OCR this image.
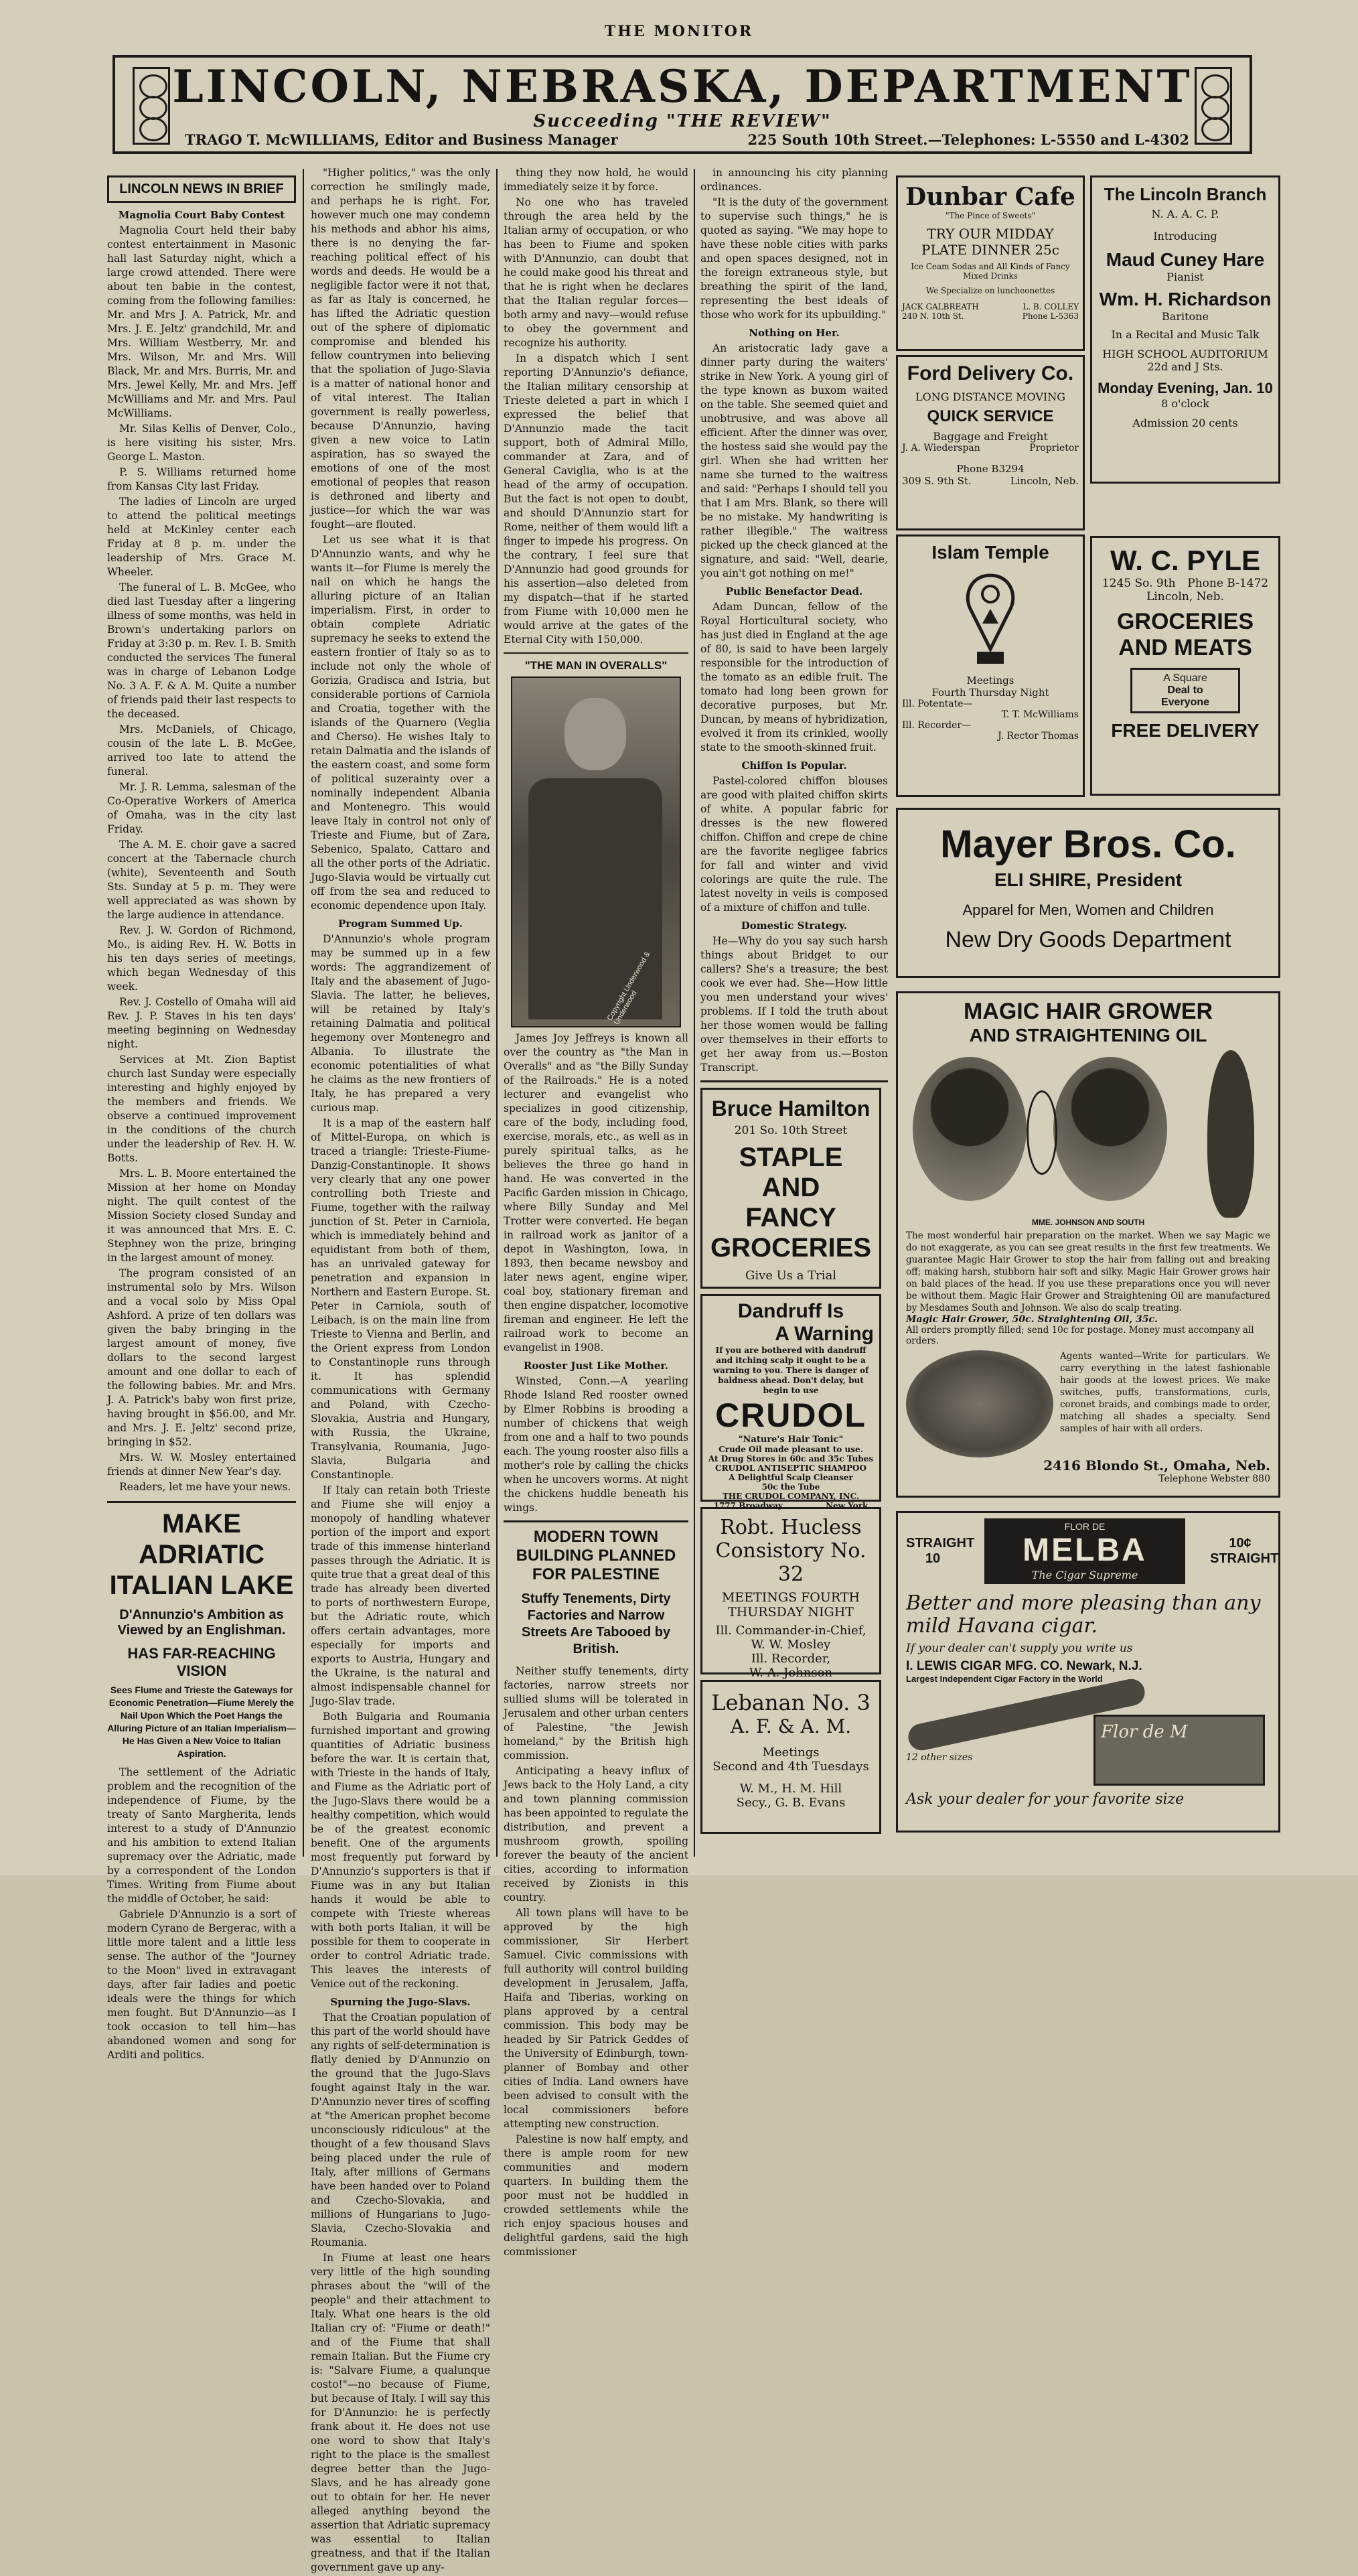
THE MONITOR
LINCOLN, NEBRASKA, DEPARTMENT
Succeeding "THE REVIEW"
TRAGO T. McWILLIAMS, Editor and Business Manager	225 South 10th Street.—Telephones: L-5550 and L-4302
LINCOLN NEWS IN BRIEF
Magnolia Court Baby Contest

Magnolia Court held their baby contest entertainment in Masonic hall last Saturday night, which a large crowd attended. There were about ten babie in the contest, coming from the following families: Mr. and Mrs J. A. Patrick, Mr. and Mrs. J. E. Jeltz' grandchild, Mr. and Mrs. William Westberry, Mr. and Mrs. Wilson, Mr. and Mrs. Will Black, Mr. and Mrs. Burris, Mr. and Mrs. Jewel Kelly, Mr. and Mrs. Jeff McWilliams and Mr. and Mrs. Paul McWilliams.

Mr. Silas Kellis of Denver, Colo., is here visiting his sister, Mrs. George L. Maston.

P. S. Williams returned home from Kansas City last Friday.

The ladies of Lincoln are urged to attend the political meetings held at McKinley center each Friday at 8 p. m. under the leadership of Mrs. Grace M. Wheeler.

The funeral of L. B. McGee, who died last Tuesday after a lingering illness of some months, was held in Brown's undertaking parlors on Friday at 3:30 p. m. Rev. I. B. Smith conducted the services The funeral was in charge of Lebanon Lodge No. 3 A. F. & A. M. Quite a number of friends paid their last respects to the deceased.

Mrs. McDaniels, of Chicago, cousin of the late L. B. McGee, arrived too late to attend the funeral.

Mr. J. R. Lemma, salesman of the Co-Operative Workers of America of Omaha, was in the city last Friday.

The A. M. E. choir gave a sacred concert at the Tabernacle church (white), Seventeenth and South Sts. Sunday at 5 p. m. They were well appreciated as was shown by the large audience in attendance.

Rev. J. W. Gordon of Richmond, Mo., is aiding Rev. H. W. Botts in his ten days series of meetings, which began Wednesday of this week.

Rev. J. Costello of Omaha will aid Rev. J. P. Staves in his ten days' meeting beginning on Wednesday night.

Services at Mt. Zion Baptist church last Sunday were especially interesting and highly enjoyed by the members and friends. We observe a continued improvement in the conditions of the church under the leadership of Rev. H. W. Botts.

Mrs. L. B. Moore entertained the Mission at her home on Monday night. The quilt contest of the Mission Society closed Sunday and it was announced that Mrs. E. C. Stephney won the prize, bringing in the largest amount of money.

The program consisted of an instrumental solo by Mrs. Wilson and a vocal solo by Miss Opal Ashford. A prize of ten dollars was given the baby bringing in the largest amount of money, five dollars to the second largest amount and one dollar to each of the following babies. Mr. and Mrs. J. A. Patrick's baby won first prize, having brought in $56.00, and Mr. and Mrs. J. E. Jeltz' second prize, bringing in $52.

Mrs. W. W. Mosley entertained friends at dinner New Year's day.

Readers, let me have your news.

MAKE ADRIATIC ITALIAN LAKE
D'Annunzio's Ambition as Viewed by an Englishman.
HAS FAR-REACHING VISION
Sees Flume and Trieste the Gateways for Economic Penetration—Fiume Merely the Nail Upon Which the Poet Hangs the Alluring Picture of an Italian Imperialism—He Has Given a New Voice to Italian Aspiration.

The settlement of the Adriatic problem and the recognition of the independence of Fiume, by the treaty of Santo Margherita, lends interest to a study of D'Annunzio and his ambition to extend Italian supremacy over the Adriatic, made by a correspondent of the London Times. Writing from Fiume about the middle of October, he said:

Gabriele D'Annunzio is a sort of modern Cyrano de Bergerac, with a little more talent and a little less sense. The author of the "Journey to the Moon" lived in extravagant days, after fair ladies and poetic ideals were the things for which men fought. But D'Annunzio—as I took occasion to tell him—has abandoned women and song for Arditi and politics.

"Higher politics," was the only correction he smilingly made, and perhaps he is right. For, however much one may condemn his methods and abhor his aims, there is no denying the far-reaching political effect of his words and deeds. He would be a negligible factor were it not that, as far as Italy is concerned, he has lifted the Adriatic question out of the sphere of diplomatic compromise and blended his fellow countrymen into believing that the spoliation of Jugo-Slavia is a matter of national honor and of vital interest. The Italian government is really powerless, because D'Annunzio, having given a new voice to Latin aspiration, has so swayed the emotions of one of the most emotional of peoples that reason is dethroned and liberty and justice—for which the war was fought—are flouted.

Let us see what it is that D'Annunzio wants, and why he wants it—for Fiume is merely the nail on which he hangs the alluring picture of an Italian imperialism. First, in order to obtain complete Adriatic supremacy he seeks to extend the eastern frontier of Italy so as to include not only the whole of Gorizia, Gradisca and Istria, but considerable portions of Carniola and Croatia, together with the islands of the Quarnero (Veglia and Cherso). He wishes Italy to retain Dalmatia and the islands of the eastern coast, and some form of political suzerainty over a nominally independent Albania and Montenegro. This would leave Italy in control not only of Trieste and Fiume, but of Zara, Sebenico, Spalato, Cattaro and all the other ports of the Adriatic. Jugo-Slavia would be virtually cut off from the sea and reduced to economic dependence upon Italy.

Program Summed Up.

D'Annunzio's whole program may be summed up in a few words: The aggrandizement of Italy and the abasement of Jugo-Slavia. The latter, he believes, will be retained by Italy's retaining Dalmatia and political hegemony over Montenegro and Albania. To illustrate the economic potentialities of what he claims as the new frontiers of Italy, he has prepared a very curious map.

It is a map of the eastern half of Mittel-Europa, on which is traced a triangle: Trieste-Fiume-Danzig-Constantinople. It shows very clearly that any one power controlling both Trieste and Fiume, together with the railway junction of St. Peter in Carniola, which is immediately behind and equidistant from both of them, has an unrivaled gateway for penetration and expansion in Northern and Eastern Europe. St. Peter in Carniola, south of Leibach, is on the main line from Trieste to Vienna and Berlin, and the Orient express from London to Constantinople runs through it. It has splendid communications with Germany and Poland, with Czecho-Slovakia, Austria and Hungary, with Russia, the Ukraine, Transylvania, Roumania, Jugo-Slavia, Bulgaria and Constantinople.

If Italy can retain both Trieste and Fiume she will enjoy a monopoly of handling whatever portion of the import and export trade of this immense hinterland passes through the Adriatic. It is quite true that a great deal of this trade has already been diverted to ports of northwestern Europe, but the Adriatic route, which offers certain advantages, more especially for imports and exports to Austria, Hungary and the Ukraine, is the natural and almost indispensable channel for Jugo-Slav trade.

Both Bulgaria and Roumania furnished important and growing quantities of Adriatic business before the war. It is certain that, with Trieste in the hands of Italy, and Fiume as the Adriatic port of the Jugo-Slavs there would be a healthy competition, which would be of the greatest economic benefit. One of the arguments most frequently put forward by D'Annunzio's supporters is that if Fiume was in any but Italian hands it would be able to compete with Trieste whereas with both ports Italian, it will be possible for them to cooperate in order to control Adriatic trade. This leaves the interests of Venice out of the reckoning.

Spurning the Jugo-Slavs.

That the Croatian population of this part of the world should have any rights of self-determination is flatly denied by D'Annunzio on the ground that the Jugo-Slavs fought against Italy in the war. D'Annunzio never tires of scoffing at "the American prophet become unconsciously ridiculous" at the thought of a few thousand Slavs being placed under the rule of Italy, after millions of Germans have been handed over to Poland and Czecho-Slovakia, and millions of Hungarians to Jugo-Slavia, Czecho-Slovakia and Roumania.

In Fiume at least one hears very little of the high sounding phrases about the "will of the people" and their attachment to Italy. What one hears is the old Italian cry of: "Fiume or death!" and of the Fiume that shall remain Italian. But the Fiume cry is: "Salvare Fiume, a qualunque costo!"—no because of Fiume, but because of Italy. I will say this for D'Annunzio: he is perfectly frank about it. He does not use one word to show that Italy's right to the place is the smallest degree better than the Jugo-Slavs, and he has already gone out to obtain for her. He never alleged anything beyond the assertion that Adriatic supremacy was essential to Italian greatness, and that if the Italian government gave up any-

thing they now hold, he would immediately seize it by force.

No one who has traveled through the area held by the Italian army of occupation, or who has been to Fiume and spoken with D'Annunzio, can doubt that he could make good his threat and that he is right when he declares that the Italian regular forces—both army and navy—would refuse to obey the government and recognize his authority.

In a dispatch which I sent reporting D'Annunzio's defiance, the Italian military censorship at Trieste deleted a part in which I expressed the belief that D'Annunzio made the tacit support, both of Admiral Millo, commander at Zara, and of General Caviglia, who is at the head of the army of occupation. But the fact is not open to doubt, and should D'Annunzio start for Rome, neither of them would lift a finger to impede his progress. On the contrary, I feel sure that D'Annunzio had good grounds for his assertion—also deleted from my dispatch—that if he started from Fiume with 10,000 men he would arrive at the gates of the Eternal City with 150,000.

"THE MAN IN OVERALLS"
Copyright Underwood & Underwood

James Joy Jeffreys is known all over the country as "the Man in Overalls" and as "the Billy Sunday of the Railroads." He is a noted lecturer and evangelist who specializes in good citizenship, care of the body, including food, exercise, morals, etc., as well as in purely spiritual talks, as he believes the three go hand in hand. He was converted in the Pacific Garden mission in Chicago, where Billy Sunday and Mel Trotter were converted. He began in railroad work as janitor of a depot in Washington, Iowa, in 1893, then became newsboy and later news agent, engine wiper, coal boy, stationary fireman and then engine dispatcher, locomotive fireman and engineer. He left the railroad work to become an evangelist in 1908.

Rooster Just Like Mother.

Winsted, Conn.—A yearling Rhode Island Red rooster owned by Elmer Robbins is brooding a number of chickens that weigh from one and a half to two pounds each. The young rooster also fills a mother's role by calling the chicks when he uncovers worms. At night the chickens huddle beneath his wings.

MODERN TOWN BUILDING PLANNED FOR PALESTINE
Stuffy Tenements, Dirty Factories and Narrow Streets Are Tabooed by British.

Neither stuffy tenements, dirty factories, narrow streets nor sullied slums will be tolerated in Jerusalem and other urban centers of Palestine, "the Jewish homeland," by the British high commission.

Anticipating a heavy influx of Jews back to the Holy Land, a city and town planning commission has been appointed to regulate the distribution, and prevent a mushroom growth, spoiling forever the beauty of the ancient cities, according to information received by Zionists in this country.

All town plans will have to be approved by the high commissioner, Sir Herbert Samuel. Civic commissions with full authority will control building development in Jerusalem, Jaffa, Haifa and Tiberias, working on plans approved by a central commission. This body may be headed by Sir Patrick Geddes of the University of Edinburgh, town-planner of Bombay and other cities of India. Land owners have been advised to consult with the local commissioners before attempting new construction.

Palestine is now half empty, and there is ample room for new communities and modern quarters. In building them the poor must not be huddled in crowded settlements while the rich enjoy spacious houses and delightful gardens, said the high commissioner

in announcing his city planning ordinances.

"It is the duty of the government to supervise such things," he is quoted as saying. "We may hope to have these noble cities with parks and open spaces designed, not in the foreign extraneous style, but breathing the spirit of the land, representing the best ideals of those who work for its upbuilding."

Nothing on Her.

An aristocratic lady gave a dinner party during the waiters' strike in New York. A young girl of the type known as buxom waited on the table. She seemed quiet and unobtrusive, and was above all efficient. After the dinner was over, the hostess said she would pay the girl. When she had written her name she turned to the waitress and said: "Perhaps I should tell you that I am Mrs. Blank, so there will be no mistake. My handwriting is rather illegible." The waitress picked up the check glanced at the signature, and said: "Well, dearie, you ain't got nothing on me!"

Public Benefactor Dead.

Adam Duncan, fellow of the Royal Horticultural society, who has just died in England at the age of 80, is said to have been largely responsible for the introduction of the tomato as an edible fruit. The tomato had long been grown for decorative purposes, but Mr. Duncan, by means of hybridization, evolved it from its crinkled, woolly state to the smooth-skinned fruit.

Chiffon Is Popular.

Pastel-colored chiffon blouses are good with plaited chiffon skirts of white. A popular fabric for dresses is the new flowered chiffon. Chiffon and crepe de chine are the favorite negligee fabrics for fall and winter and vivid colorings are quite the rule. The latest novelty in veils is composed of a mixture of chiffon and tulle.

Domestic Strategy.

He—Why do you say such harsh things about Bridget to our callers? She's a treasure; the best cook we ever had. She—How little you men understand your wives' problems. If I told the truth about her those women would be falling over themselves in their efforts to get her away from us.—Boston Transcript.

Bruce Hamilton
201 So. 10th Street
STAPLE AND
FANCY
GROCERIES
Give Us a Trial
Dandruff Is
A Warning
If you are bothered with dandruff and itching scalp it ought to be a warning to you. There is danger of baldness ahead. Don't delay, but begin to use
CRUDOL
"Nature's Hair Tonic"
Crude Oil made pleasant to use.
At Drug Stores in 60c and 35c Tubes
CRUDOL ANTISEPTIC SHAMPOO
A Delightful Scalp Cleanser
50c the Tube
THE CRUDOL COMPANY, INC.
1777 Broadway	New York
Robt. Hucless
Consistory No. 32
MEETINGS FOURTH
THURSDAY NIGHT
Ill. Commander-in-Chief,
W. W. Mosley
Ill. Recorder,
W. A. Johnson
Lebanan No. 3
A. F. & A. M.
Meetings
Second and 4th Tuesdays
W. M., H. M. Hill
Secy., G. B. Evans
Dunbar Cafe
"The Pince of Sweets"
TRY OUR MIDDAY
PLATE DINNER 25c
Ice Ceam Sodas and All Kinds of Fancy Mixed Drinks
We Specialize on luncheonettes
JACK GALBREATH	L. B. COLLEY
240 N. 10th St.	Phone L-5363
Ford Delivery Co.
LONG DISTANCE MOVING
QUICK SERVICE
Baggage and Freight
J. A. Wiederspan	Proprietor
Phone B3294
309 S. 9th St.	Lincoln, Neb.
Islam Temple
Meetings
Fourth Thursday Night
Ill. Potentate—
T. T. McWilliams
Ill. Recorder—
J. Rector Thomas
The Lincoln Branch
N. A. A. C. P.
Introducing
Maud Cuney Hare
Pianist
Wm. H. Richardson
Baritone
In a Recital and Music Talk
HIGH SCHOOL AUDITORIUM
22d and J Sts.
Monday Evening, Jan. 10
8 o'clock
Admission 20 cents
W. C. PYLE
1245 So. 9th Phone B-1472
Lincoln, Neb.
GROCERIES
AND MEATS
A Square
Deal to
Everyone
FREE DELIVERY
Mayer Bros. Co.
ELI SHIRE, President
Apparel for Men, Women and Children
New Dry Goods Department
MAGIC HAIR GROWER
AND STRAIGHTENING OIL
MME. JOHNSON AND SOUTH
The most wonderful hair preparation on the market. When we say Magic we do not exaggerate, as you can see great results in the first few treatments. We guarantee Magic Hair Grower to stop the hair from falling out and breaking off; making harsh, stubborn hair soft and silky. Magic Hair Grower grows hair on bald places of the head. If you use these preparations once you will never be without them. Magic Hair Grower and Straightening Oil are manufactured by Mesdames South and Johnson. We also do scalp treating.
Magic Hair Grower, 50c. Straightening Oil, 35c.
All orders promptly filled; send 10c for postage. Money must accompany all orders.
Agents wanted—Write for particulars. We carry everything in the latest fashionable hair goods at the lowest prices. We make switches, puffs, transformations, curls, coronet braids, and combings made to order, matching all shades a specialty. Send samples of hair with all orders.
2416 Blondo St., Omaha, Neb.
Telephone Webster 880
STRAIGHT 10
FLOR DE
MELBA
The Cigar Supreme
10¢ STRAIGHT
Better and more pleasing than any mild Havana cigar.
If your dealer can't supply you write us
I. LEWIS CIGAR MFG. CO. Newark, N.J.
Largest Independent Cigar Factory in the World
12 other sizes
Flor de M
Ask your dealer for your favorite size
